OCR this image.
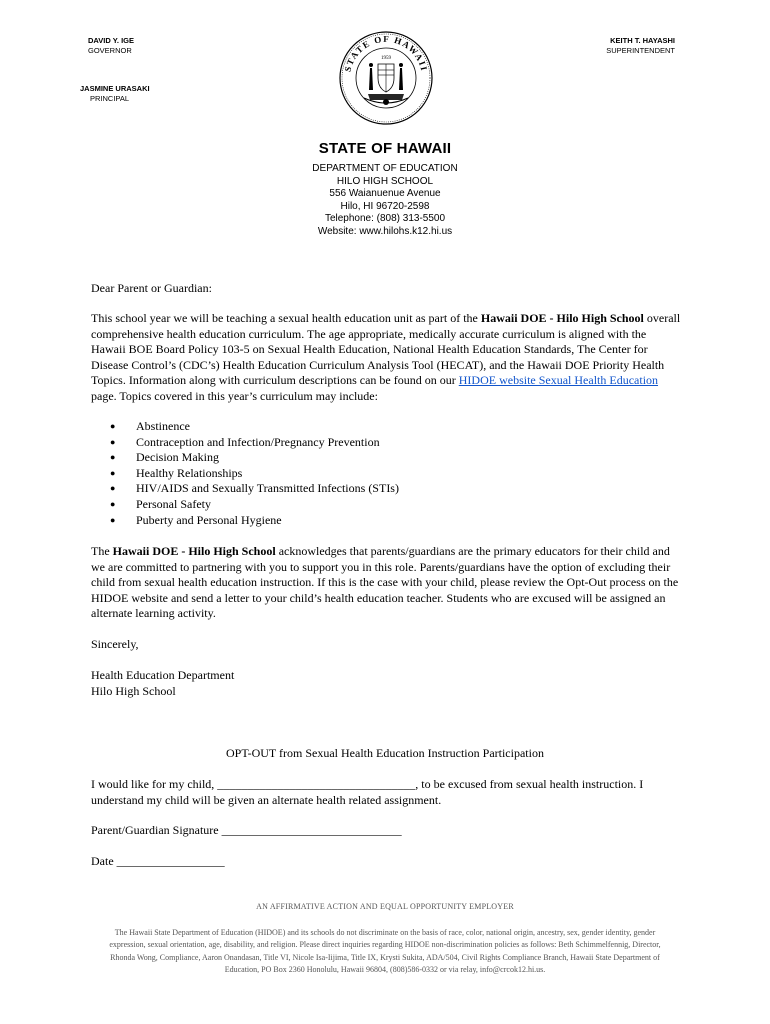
DAVID Y. IGE

GOVERNOR
JASMINE URASAKI
PRINCIPAL
KEITH T. HAYASHI
SUPERINTENDENT
STATE OF HAWAII
1959
STATE OF HAWAII
DEPARTMENT OF EDUCATION
HILO HIGH SCHOOL
556 Waianuenue Avenue
Hilo, HI 96720-2598
Telephone: (808) 313-5500
Website: www.hilohs.k12.hi.us
Dear Parent or Guardian:
This school year we will be teaching a sexual health education unit as part of the Hawaii DOE - Hilo High School overall comprehensive health education curriculum. The age appropriate, medically accurate curriculum is aligned with the Hawaii BOE Board Policy 103-5 on Sexual Health Education, National Health Education Standards, The Center for Disease Control’s (CDC’s) Health Education Curriculum Analysis Tool (HECAT), and the Hawaii DOE Priority Health Topics. Information along with curriculum descriptions can be found on our HIDOE website Sexual Health Education page. Topics covered in this year’s curriculum may include:
● Abstinence
● Contraception and Infection/Pregnancy Prevention
● Decision Making
● Healthy Relationships
● HIV/AIDS and Sexually Transmitted Infections (STIs)
● Personal Safety
● Puberty and Personal Hygiene
The Hawaii DOE - Hilo High School acknowledges that parents/guardians are the primary educators for their child and we are committed to partnering with you to support you in this role. Parents/guardians have the option of excluding their child from sexual health education instruction. If this is the case with your child, please review the Opt-Out process on the HIDOE website and send a letter to your child’s health education teacher. Students who are excused will be assigned an alternate learning activity.
Sincerely,
Health Education Department
Hilo High School
OPT-OUT from Sexual Health Education Instruction Participation
I would like for my child, _________________________________, to be excused from sexual health instruction. I understand my child will be given an alternate health related assignment.
Parent/Guardian Signature ______________________________
Date __________________
AN AFFIRMATIVE ACTION AND EQUAL OPPORTUNITY EMPLOYER
The Hawaii State Department of Education (HIDOE) and its schools do not discriminate on the basis of race, color, national origin, ancestry, sex, gender identity, gender expression, sexual orientation, age, disability, and religion. Please direct inquiries regarding HIDOE non-discrimination policies as follows: Beth Schimmelfennig, Director, Rhonda Wong, Compliance, Aaron Onandasan, Title VI, Nicole Isa-Iijima, Title IX, Krysti Sukita, ADA/504, Civil Rights Compliance Branch, Hawaii State Department of Education, PO Box 2360 Honolulu, Hawaii 96804, (808)586-0332 or via relay, info@crcok12.hi.us.
